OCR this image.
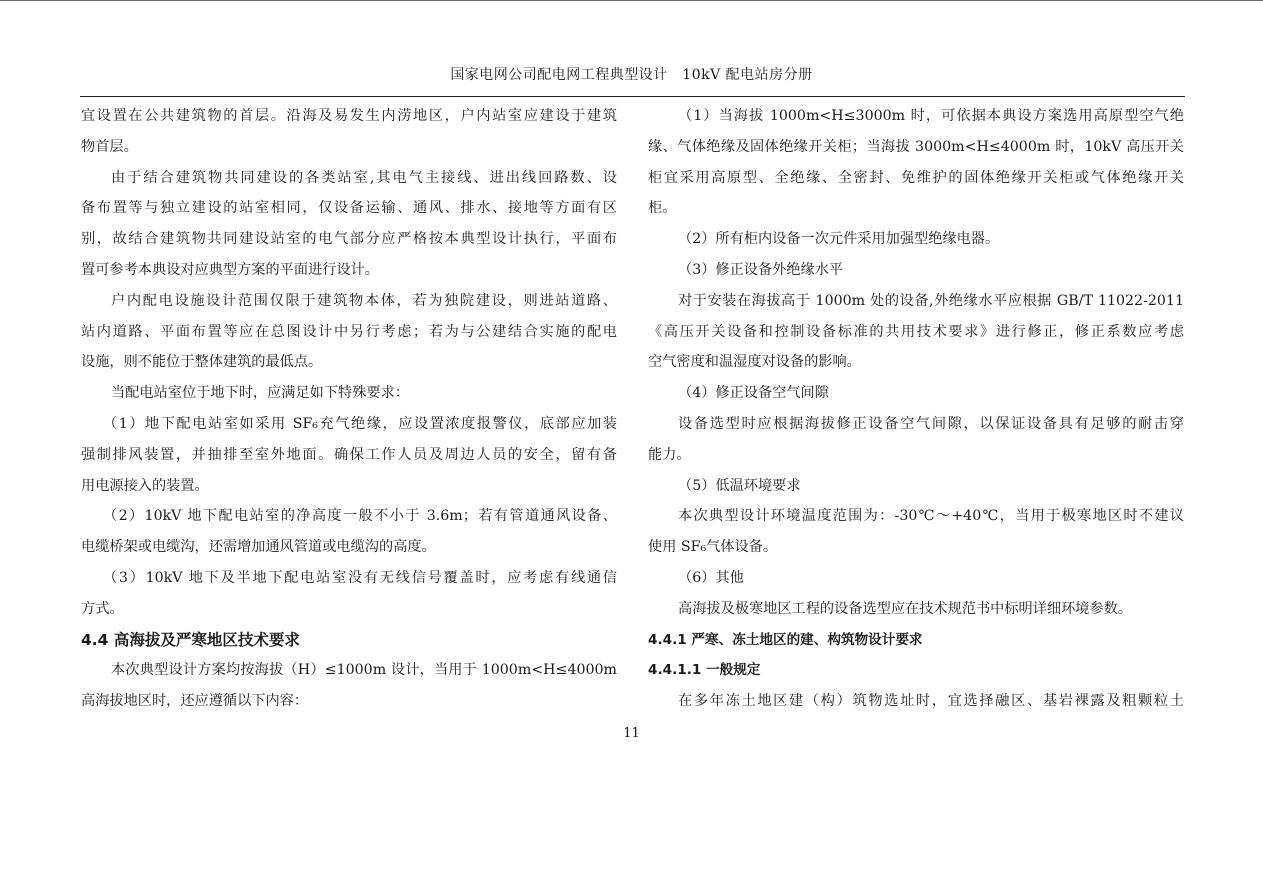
国家电网公司配电网工程典型设计　10kV 配电站房分册
宜设置在公共建筑物的首层。沿海及易发生内涝地区，户内站室应建设于建筑
物首层。
由于结合建筑物共同建设的各类站室,其电气主接线、进出线回路数、设
备布置等与独立建设的站室相同，仅设备运输、通风、排水、接地等方面有区
别，故结合建筑物共同建设站室的电气部分应严格按本典型设计执行，平面布
置可参考本典设对应典型方案的平面进行设计。
户内配电设施设计范围仅限于建筑物本体，若为独院建设，则进站道路、
站内道路、平面布置等应在总图设计中另行考虑；若为与公建结合实施的配电
设施，则不能位于整体建筑的最低点。
当配电站室位于地下时，应满足如下特殊要求：
（1）地下配电站室如采用 SF₆充气绝缘，应设置浓度报警仪，底部应加装
强制排风装置，并抽排至室外地面。确保工作人员及周边人员的安全，留有备
用电源接入的装置。
（2）10kV 地下配电站室的净高度一般不小于 3.6m；若有管道通风设备、
电缆桥架或电缆沟，还需增加通风管道或电缆沟的高度。
（3）10kV 地下及半地下配电站室没有无线信号覆盖时，应考虑有线通信
方式。
4.4 高海拔及严寒地区技术要求
本次典型设计方案均按海拔（H）≤1000m 设计，当用于 1000m<H≤4000m
高海拔地区时，还应遵循以下内容：
（1）当海拔 1000m<H≤3000m 时，可依据本典设方案选用高原型空气绝
缘、气体绝缘及固体绝缘开关柜；当海拔 3000m<H≤4000m 时，10kV 高压开关
柜宜采用高原型、全绝缘、全密封、免维护的固体绝缘开关柜或气体绝缘开关
柜。
（2）所有柜内设备一次元件采用加强型绝缘电器。
（3）修正设备外绝缘水平
对于安装在海拔高于 1000m 处的设备,外绝缘水平应根据 GB/T 11022-2011
《高压开关设备和控制设备标准的共用技术要求》进行修正，修正系数应考虑
空气密度和温湿度对设备的影响。
（4）修正设备空气间隙
设备选型时应根据海拔修正设备空气间隙，以保证设备具有足够的耐击穿
能力。
（5）低温环境要求
本次典型设计环境温度范围为：-30℃～+40℃，当用于极寒地区时不建议
使用 SF₆气体设备。
（6）其他
高海拔及极寒地区工程的设备选型应在技术规范书中标明详细环境参数。
4.4.1 严寒、冻土地区的建、构筑物设计要求
4.4.1.1 一般规定
在多年冻土地区建（构）筑物选址时，宜选择融区、基岩裸露及粗颗粒土
11
